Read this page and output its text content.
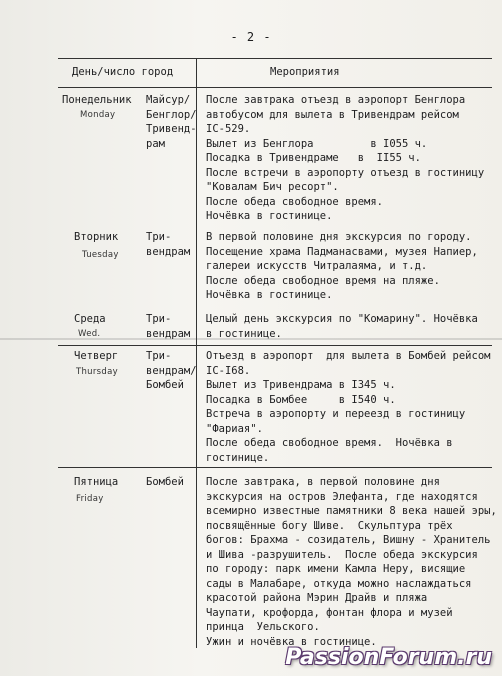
- 2 -
День/число город	Мероприятия
Понедельник
Monday
Майсур/
Бенглор/
Тривенд-
рам
После завтрака отъезд в аэропорт Бенглора
автобусом для вылета в Тривендрам рейсом
IC-529.
Вылет из Бенглора         в I055 ч.
Посадка в Тривендраме   в  II55 ч.
После встречи в аэропорту отъезд в гостиницу
"Ковалам Бич ресорт".
После обеда свободное время.
Ночёвка в гостинице.
Вторник
Tuesday
Три-
вендрам
В первой половине дня экскурсия по городу.
Посещение храма Падманасвами, музея Напиер,
галереи искусств Читралаяма, и т.д.
После обеда свободное время на пляже.
Ночёвка в гостинице.
Среда
Wed.
Три-
вендрам
Целый день экскурсия по "Комарину". Ночёвка
в гостинице.
Четверг
Thursday
Три-
вендрам/
Бомбей
Отъезд в аэропорт  для вылета в Бомбей рейсом
IC-I68.
Вылет из Тривендрама в I345 ч.
Посадка в Бомбее     в I540 ч.
Встреча в аэропорту и переезд в гостиницу
"Фариая".
После обеда свободное время.  Ночёвка в
гостинице.
Пятница
Friday
Бомбей После завтрака, в первой половине дня
экскурсия на остров Элефанта, где находятся
всемирно известные памятники 8 века нашей эры,
посвящённые богу Шиве.  Скульптура трёх
богов: Брахма - созидатель, Вишну - Хранитель
и Шива -разрушитель.  После обеда экскурсия
по городу: парк имени Камла Неру, висящие
сады в Малабаре, откуда можно наслаждаться
красотой района Мэрин Драйв и пляжа
Чаупати, крофорда, фонтан флора и музей
принца  Уельского.
Ужин и ночёвка в гостинице.
PassionForum.ru
